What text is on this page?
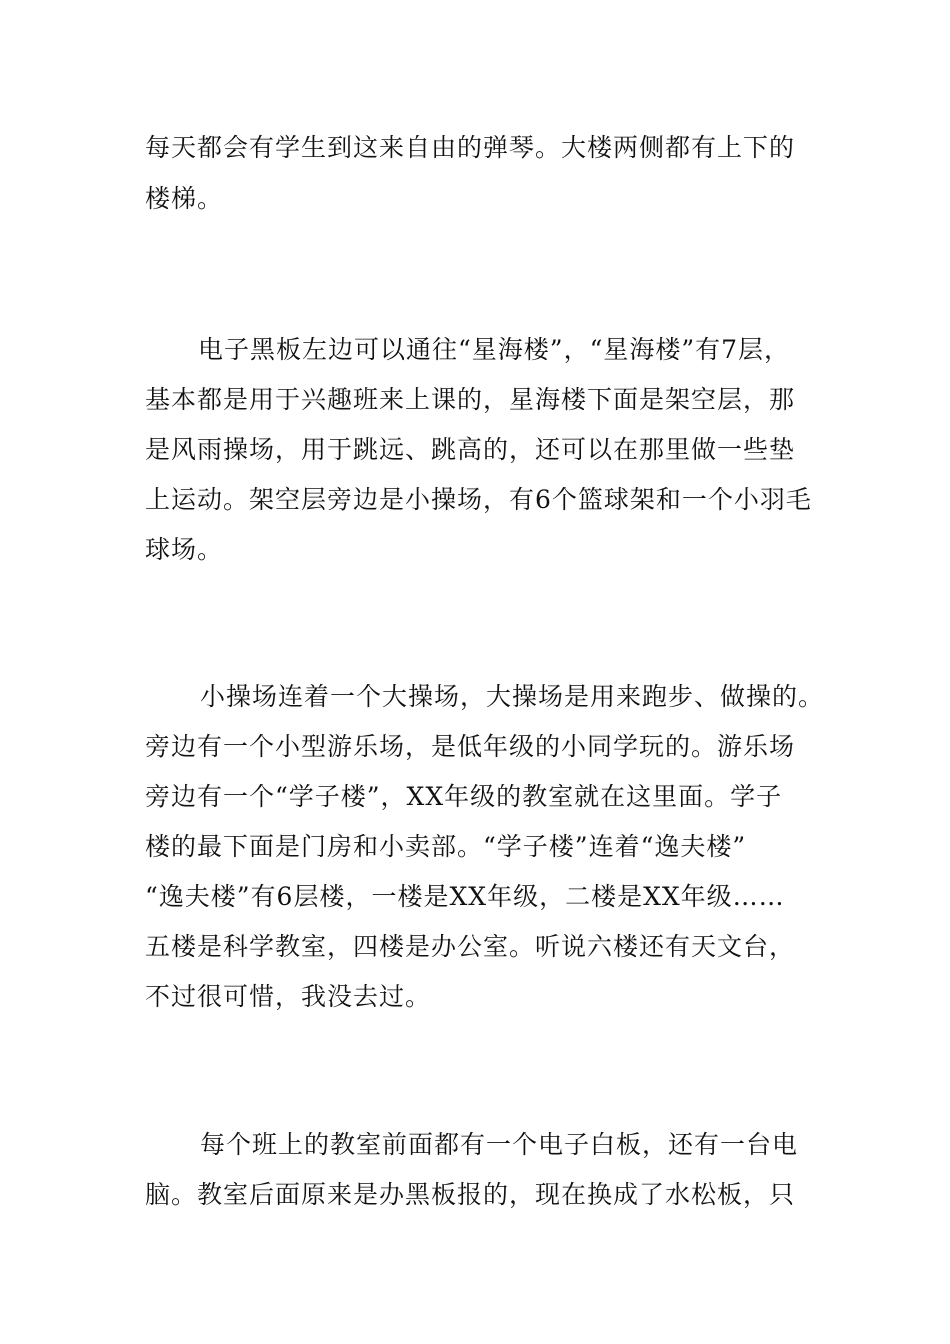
每天都会有学生到这来自由的弹琴。大楼两侧都有上下的
楼梯。
电子黑板左边可以通往“星海楼”，“星海楼”有7层，
基本都是用于兴趣班来上课的，星海楼下面是架空层，那
是风雨操场，用于跳远、跳高的，还可以在那里做一些垫
上运动。架空层旁边是小操场，有6个篮球架和一个小羽毛
球场。
小操场连着一个大操场，大操场是用来跑步、做操的。
旁边有一个小型游乐场，是低年级的小同学玩的。游乐场
旁边有一个“学子楼”，XX年级的教室就在这里面。学子
楼的最下面是门房和小卖部。“学子楼”连着“逸夫楼”
“逸夫楼”有6层楼，一楼是XX年级，二楼是XX年级……
五楼是科学教室，四楼是办公室。听说六楼还有天文台，
不过很可惜，我没去过。
每个班上的教室前面都有一个电子白板，还有一台电
脑。教室后面原来是办黑板报的，现在换成了水松板，只
